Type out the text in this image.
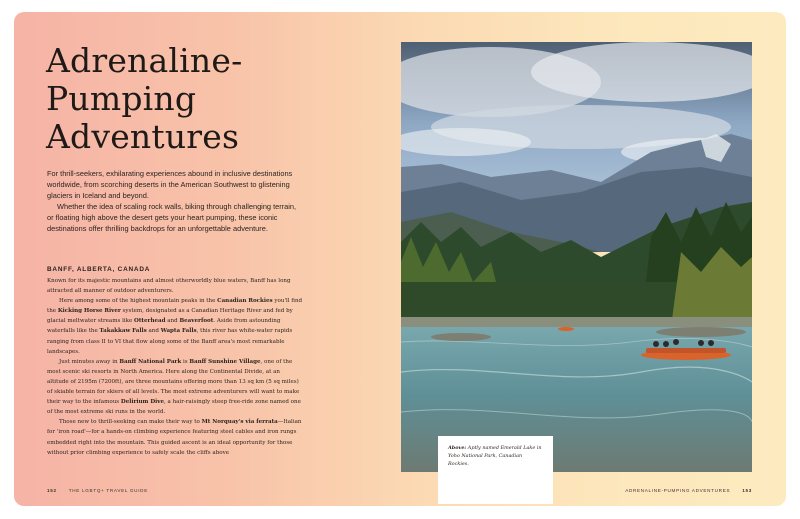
Adrenaline-
Pumping
Adventures

For thrill-seekers, exhilarating experiences abound in inclusive destinations worldwide, from scorching deserts in the American Southwest to glistening glaciers in Iceland and beyond.

Whether the idea of scaling rock walls, biking through challenging terrain, or floating high above the desert gets your heart pumping, these iconic destinations offer thrilling backdrops for an unforgettable adventure.

BANFF, ALBERTA, CANADA

Known for its majestic mountains and almost otherworldly blue waters, Banff has long attracted all manner of outdoor adventurers.

Here among some of the highest mountain peaks in the Canadian Rockies you'll find the Kicking Horse River system, designated as a Canadian Heritage River and fed by glacial meltwater streams like Otterhead and Beaverfoot. Aside from astounding waterfalls like the Takakkaw Falls and Wapta Falls, this river has white-water rapids ranging from class II to VI that flow along some of the Banff area's most remarkable landscapes.

Just minutes away in Banff National Park is Banff Sunshine Village, one of the most scenic ski resorts in North America. Here along the Continental Divide, at an altitude of 2195m (7200ft), are three mountains offering more than 13 sq km (5 sq miles) of skiable terrain for skiers of all levels. The most extreme adventurers will want to make their way to the infamous Delirium Dive, a hair-raisingly steep free-ride zone named one of the most extreme ski runs in the world.

Those new to thrill-seeking can make their way to Mt Norquay's via ferrata—Italian for 'iron road'—for a hands-on climbing experience featuring steel cables and iron rungs embedded right into the mountain. This guided ascent is an ideal opportunity for those without prior climbing experience to safely scale the cliffs above

Above: Aptly named Emerald Lake in Yoho National Park, Canadian Rockies.
152	THE LGBTQ+ TRAVEL GUIDE	ADRENALINE-PUMPING ADVENTURES	153
